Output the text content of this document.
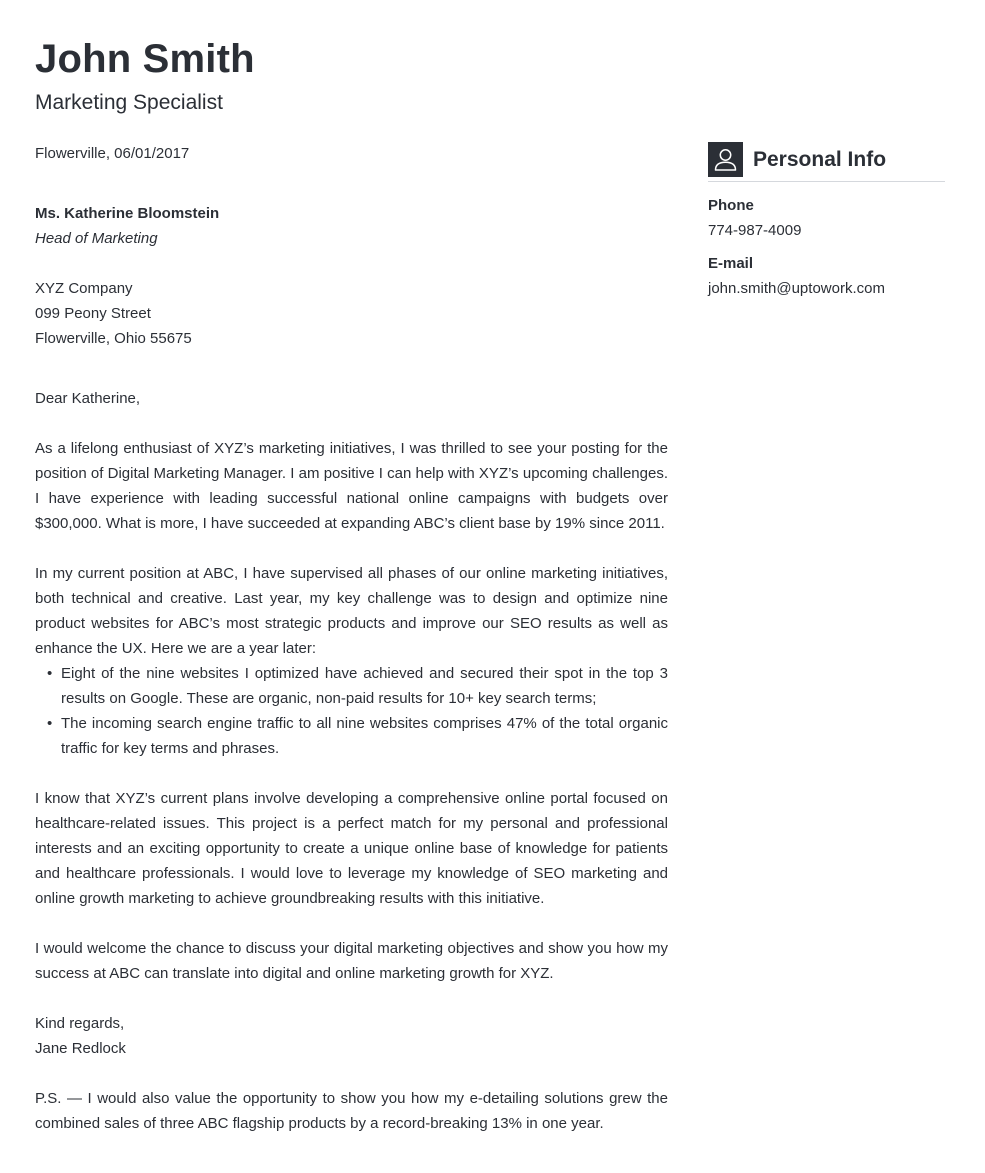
John Smith
Marketing Specialist
Flowerville, 06/01/2017
Ms. Katherine Bloomstein
Head of Marketing
XYZ Company
099 Peony Street
Flowerville, Ohio 55675
Dear Katherine,

As a lifelong enthusiast of XYZ’s marketing initiatives, I was thrilled to see your posting for the position of Digital Marketing Manager. I am positive I can help with XYZ’s upcoming challenges. I have experience with leading successful national online campaigns with budgets over $300,000. What is more, I have succeeded at expanding ABC’s client base by 19% since 2011.

In my current position at ABC, I have supervised all phases of our online marketing initiatives, both technical and creative. Last year, my key challenge was to design and optimize nine product websites for ABC’s most strategic products and improve our SEO results as well as enhance the UX. Here we are a year later:

• Eight of the nine websites I optimized have achieved and secured their spot in the top 3 results on Google. These are organic, non-paid results for 10+ key search terms;
• The incoming search engine traffic to all nine websites comprises 47% of the total organic traffic for key terms and phrases.

I know that XYZ’s current plans involve developing a comprehensive online portal focused on healthcare-related issues. This project is a perfect match for my personal and professional interests and an exciting opportunity to create a unique online base of knowledge for patients and healthcare professionals. I would love to leverage my knowledge of SEO marketing and online growth marketing to achieve groundbreaking results with this initiative.

I would welcome the chance to discuss your digital marketing objectives and show you how my success at ABC can translate into digital and online marketing growth for XYZ.

Kind regards,
Jane Redlock

P.S. — I would also value the opportunity to show you how my e-detailing solutions grew the combined sales of three ABC flagship products by a record-breaking 13% in one year.

Personal Info
Phone
774-987-4009
E-mail
john.smith@uptowork.com
